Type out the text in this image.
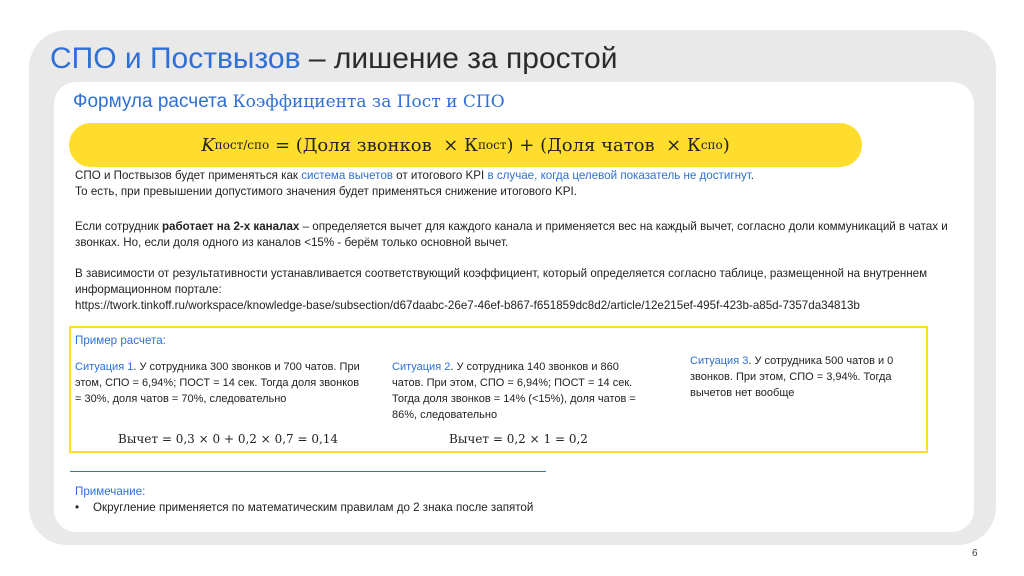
СПО и Поствызов – лишение за простой
Формула расчета Коэффициента за Пост и СПО
K пост/спо = (Доля звонков  × К пост ) + (Доля чатов  × К спо )
СПО и Поствызов будет применяться как система вычетов от итогового KPI в случае, когда целевой показатель не достигнут.
То есть, при превышении допустимого значения будет применяться снижение итогового KPI.
Если сотрудник работает на 2-х каналах – определяется вычет для каждого канала и применяется вес на каждый вычет, согласно доли коммуникаций в чатах и звонках. Но, если доля одного из каналов <15% - берём только основной вычет.
В зависимости от результативности устанавливается соответствующий коэффициент, который определяется согласно таблице, размещенной на внутреннем информационном портале:
https://twork.tinkoff.ru/workspace/knowledge-base/subsection/d67daabc-26e7-46ef-b867-f651859dc8d2/article/12e215ef-495f-423b-a85d-7357da34813b
Пример расчета:
Ситуация 1. У сотрудника 300 звонков и 700 чатов. При этом, СПО = 6,94%; ПОСТ = 14 сек. Тогда доля звонков = 30%, доля чатов = 70%, следовательно
Вычет = 0,3 × 0 + 0,2 × 0,7 = 0,14
Ситуация 2. У сотрудника 140 звонков и 860 чатов. При этом, СПО = 6,94%; ПОСТ = 14 сек. Тогда доля звонков = 14% (<15%), доля чатов = 86%, следовательно
Вычет = 0,2 × 1 = 0,2
Ситуация 3. У сотрудника 500 чатов и 0 звонков. При этом, СПО = 3,94%. Тогда вычетов нет вообще
Примечание:
• Округление применяется по математическим правилам до 2 знака после запятой
6
